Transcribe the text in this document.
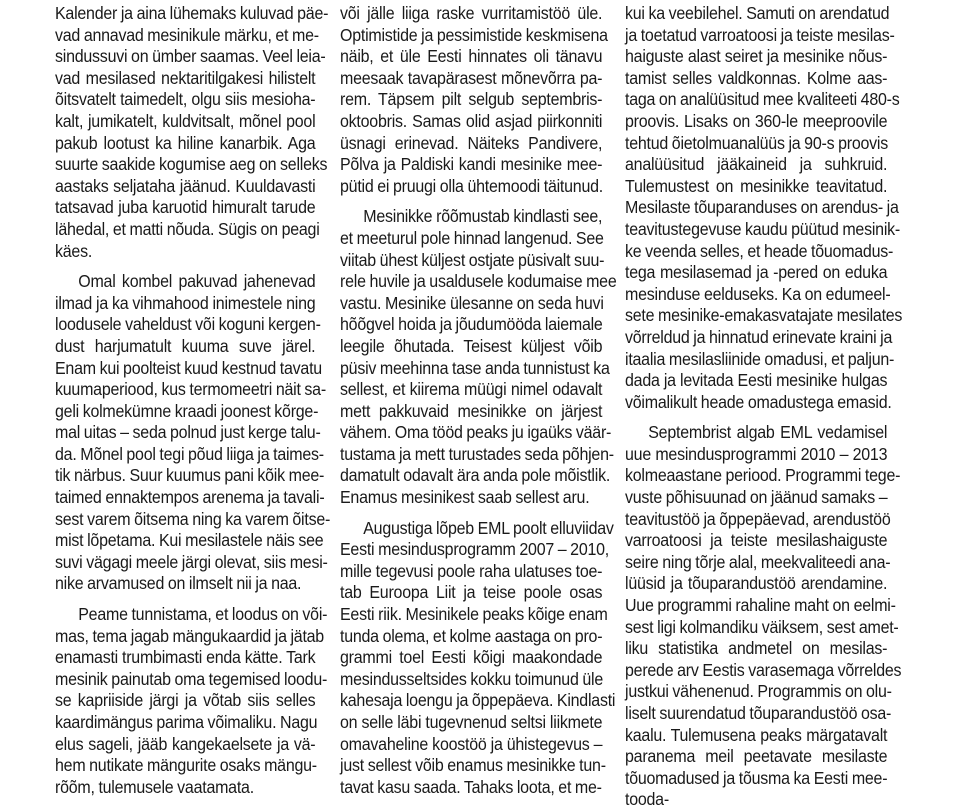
Kalender ja aina lühemaks kuluvad päe-
vad annavad mesinikule märku, et me-
sindussuvi on ümber saamas. Veel leia-
vad mesilased nektaritilgakesi hilistelt
õitsvatelt taimedelt, olgu siis mesioha-
kalt, jumikatelt, kuldvitsalt, mõnel pool
pakub lootust ka hiline kanarbik. Aga
suurte saakide kogumise aeg on selleks
aastaks seljataha jäänud. Kuuldavasti
tatsavad juba karuotid himuralt tarude
lähedal, et matti nõuda. Sügis on peagi
käes.
Omal kombel pakuvad jahenevad
ilmad ja ka vihmahood inimestele ning
loodusele vaheldust või koguni kergen-
dust harjumatult kuuma suve järel.
Enam kui poolteist kuud kestnud tavatu
kuumaperiood, kus termomeetri näit sa-
geli kolmekümne kraadi joonest kõrge-
mal uitas – seda polnud just kerge talu-
da. Mõnel pool tegi põud liiga ja taimes-
tik närbus. Suur kuumus pani kõik mee-
taimed ennaktempos arenema ja tavali-
sest varem õitsema ning ka varem õitse-
mist lõpetama. Kui mesilastele näis see
suvi vägagi meele järgi olevat, siis mesi-
nike arvamused on ilmselt nii ja naa.
Peame tunnistama, et loodus on või-
mas, tema jagab mängukaardid ja jätab
enamasti trumbimasti enda kätte. Tark
mesinik painutab oma tegemised loodu-
se kapriiside järgi ja võtab siis selles
kaardimängus parima võimaliku. Nagu
elus sageli, jääb kangekaelsete ja vä-
hem nutikate mängurite osaks mängu-
rõõm, tulemusele vaatamata.
või jälle liiga raske vurritamistöö üle.
Optimistide ja pessimistide keskmisena
näib, et üle Eesti hinnates oli tänavu
meesaak tavapärasest mõnevõrra pa-
rem. Täpsem pilt selgub septembris-
oktoobris. Samas olid asjad piirkonniti
üsnagi erinevad. Näiteks Pandivere,
Põlva ja Paldiski kandi mesinike mee-
pütid ei pruugi olla ühtemoodi täitunud.
Mesinikke rõõmustab kindlasti see,
et meeturul pole hinnad langenud. See
viitab ühest küljest ostjate püsivalt suu-
rele huvile ja usaldusele kodumaise mee
vastu. Mesinike ülesanne on seda huvi
hõõgvel hoida ja jõudumööda laiemale
leegile õhutada. Teisest küljest võib
püsiv meehinna tase anda tunnistust ka
sellest, et kiirema müügi nimel odavalt
mett pakkuvaid mesinikke on järjest
vähem. Oma tööd peaks ju igaüks väär-
tustama ja mett turustades seda põhjen-
damatult odavalt ära anda pole mõistlik.
Enamus mesinikest saab sellest aru.
Augustiga lõpeb EML poolt elluviidav
Eesti mesindusprogramm 2007 – 2010,
mille tegevusi poole raha ulatuses toe-
tab Euroopa Liit ja teise poole osas
Eesti riik. Mesinikele peaks kõige enam
tunda olema, et kolme aastaga on pro-
grammi toel Eesti kõigi maakondade
mesindusseltsides kokku toimunud üle
kahesaja loengu ja õppepäeva. Kindlasti
on selle läbi tugevnenud seltsi liikmete
omavaheline koostöö ja ühistegevus –
just sellest võib enamus mesinikke tun-
tavat kasu saada. Tahaks loota, et me-
kui ka veebilehel. Samuti on arendatud
ja toetatud varroatoosi ja teiste mesilas-
haiguste alast seiret ja mesinike nõus-
tamist selles valdkonnas. Kolme aas-
taga on analüüsitud mee kvaliteeti 480-s
proovis. Lisaks on 360-le meeproovile
tehtud õietolmuanalüüs ja 90-s proovis
analüüsitud jääkaineid ja suhkruid.
Tulemustest on mesinikke teavitatud.
Mesilaste tõuparanduses on arendus- ja
teavitustegevuse kaudu püütud mesinik-
ke veenda selles, et heade tõuomadus-
tega mesilasemad ja -pered on eduka
mesinduse eelduseks. Ka on edumeel-
sete mesinike-emakasvatajate mesilates
võrreldud ja hinnatud erinevate kraini ja
itaalia mesilasliinide omadusi, et paljun-
dada ja levitada Eesti mesinike hulgas
võimalikult heade omadustega emasid.
Septembrist algab EML vedamisel
uue mesindusprogrammi 2010 – 2013
kolmeaastane periood. Programmi tege-
vuste põhisuunad on jäänud samaks –
teavitustöö ja õppepäevad, arendustöö
varroatoosi ja teiste mesilashaiguste
seire ning tõrje alal, meekvaliteedi ana-
lüüsid ja tõuparandustöö arendamine.
Uue programmi rahaline maht on eelmi-
sest ligi kolmandiku väiksem, sest amet-
liku statistika andmetel on mesilas-
perede arv Eestis varasemaga võrreldes
justkui vähenenud. Programmis on olu-
liselt suurendatud tõuparandustöö osa-
kaalu. Tulemusena peaks märgatavalt
paranema meil peetavate mesilaste
tõuomadused ja tõusma ka Eesti mee-
tooda-
